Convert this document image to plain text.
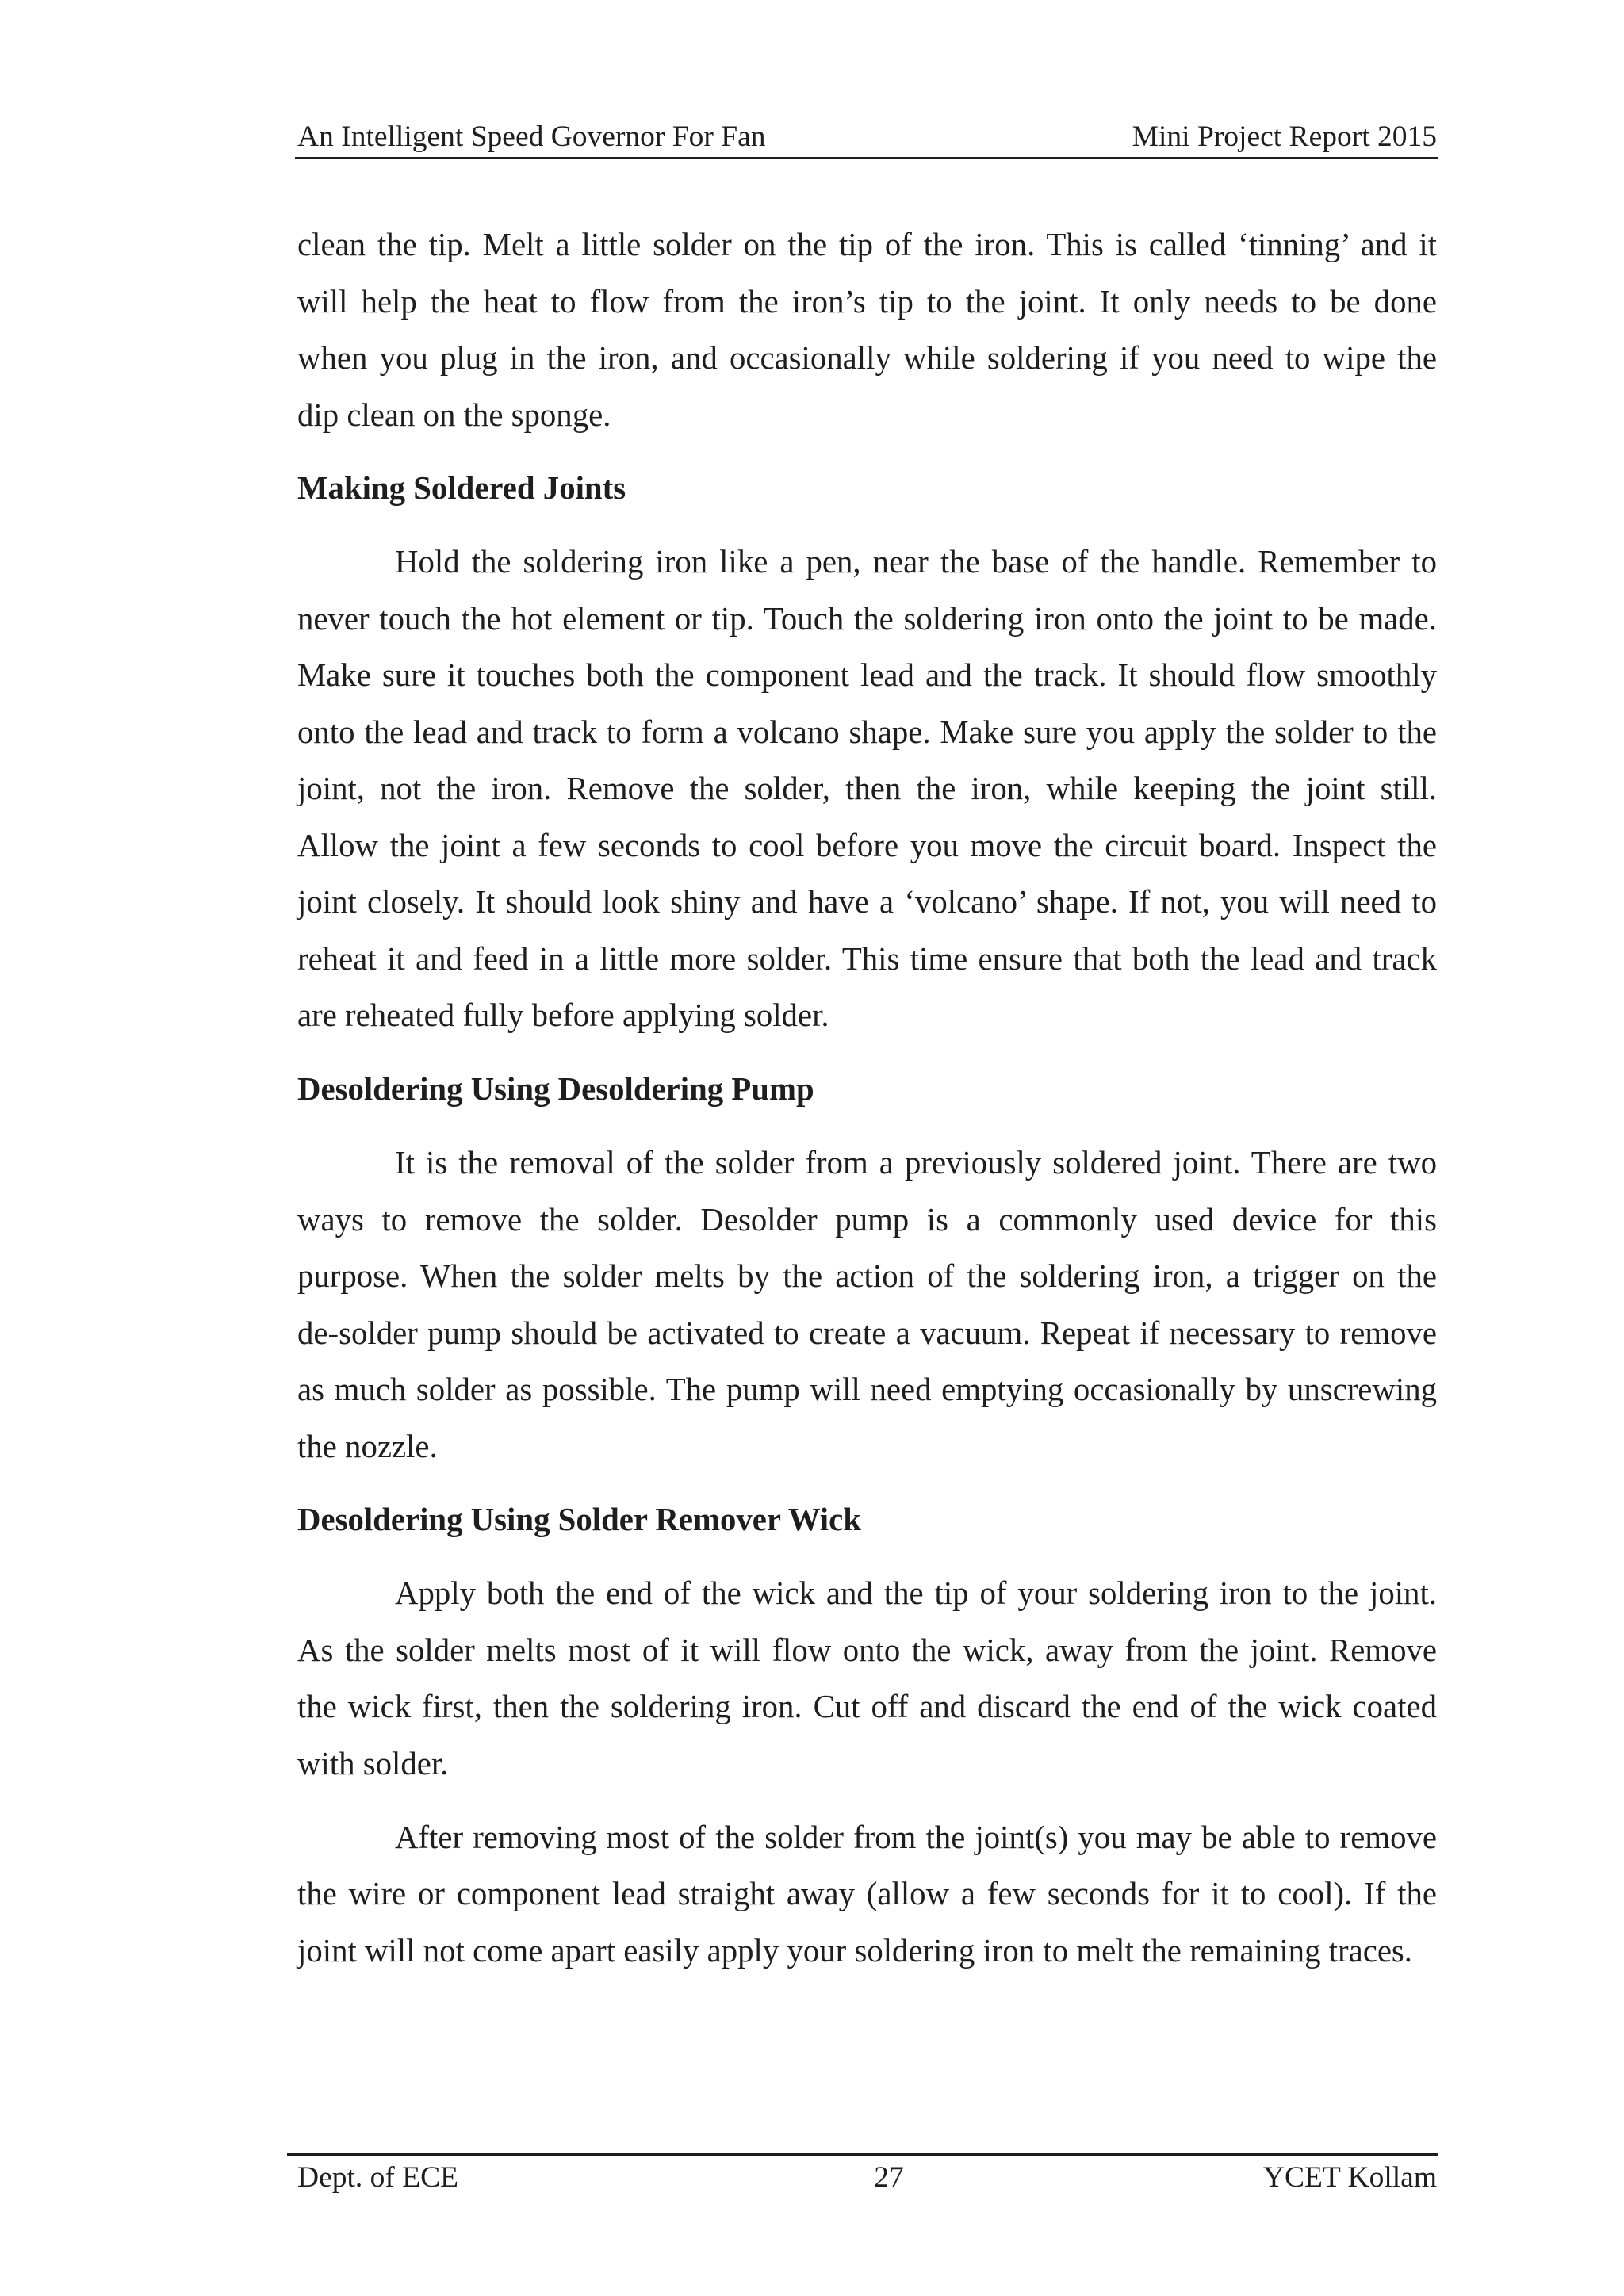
An Intelligent Speed Governor For Fan	Mini Project Report 2015
clean the tip. Melt a little solder on the tip of the iron. This is called ‘tinning’ and it
will help the heat to flow from the iron’s tip to the joint. It only needs to be done
when you plug in the iron, and occasionally while soldering if you need to wipe the
dip clean on the sponge.
Making Soldered Joints
Hold the soldering iron like a pen, near the base of the handle. Remember to
never touch the hot element or tip. Touch the soldering iron onto the joint to be made.
Make sure it touches both the component lead and the track. It should flow smoothly
onto the lead and track to form a volcano shape. Make sure you apply the solder to the
joint, not the iron. Remove the solder, then the iron, while keeping the joint still.
Allow the joint a few seconds to cool before you move the circuit board. Inspect the
joint closely. It should look shiny and have a ‘volcano’ shape. If not, you will need to
reheat it and feed in a little more solder. This time ensure that both the lead and track
are reheated fully before applying solder.
Desoldering Using Desoldering Pump
It is the removal of the solder from a previously soldered joint. There are two
ways to remove the solder. Desolder pump is a commonly used device for this
purpose. When the solder melts by the action of the soldering iron, a trigger on the
de-solder pump should be activated to create a vacuum. Repeat if necessary to remove
as much solder as possible. The pump will need emptying occasionally by unscrewing
the nozzle.
Desoldering Using Solder Remover Wick
Apply both the end of the wick and the tip of your soldering iron to the joint.
As the solder melts most of it will flow onto the wick, away from the joint. Remove
the wick first, then the soldering iron. Cut off and discard the end of the wick coated
with solder.
After removing most of the solder from the joint(s) you may be able to remove
the wire or component lead straight away (allow a few seconds for it to cool). If the
joint will not come apart easily apply your soldering iron to melt the remaining traces.
Dept. of ECE	27	YCET Kollam
